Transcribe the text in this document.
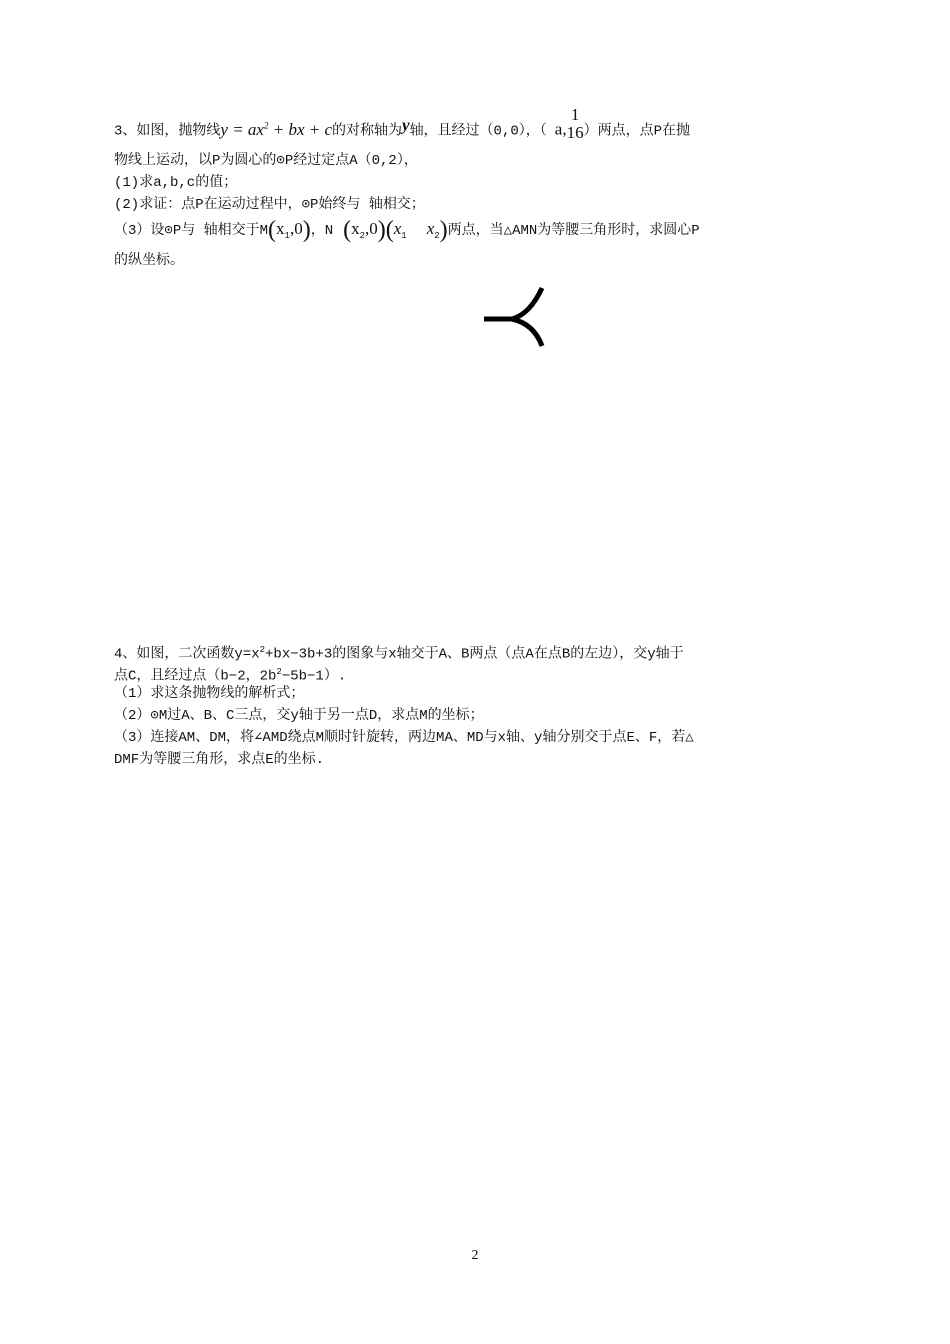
3、如图，抛物线$y = ax^2$ + bx + c的对称轴为y轴，且经过（0,0），（ a,
1
16 ）两点，点P在抛
物线上运动，以P为圆心的⊙P经过定点A（0,2），
(1)求a,b,c的值；
(2)求证：点P在运动过程中，⊙P始终与 轴相交；
（3）设⊙P与 轴相交于$M(x_1,0)$，N $(x_2,0)(x_1$ $x_2$)两点，当△AMN为等腰三角形时，求圆心P
的纵坐标。
4、如图，二次函数$y=x^2+bx-3b+3$的图象与x轴交于A、B两点（点A在点B的左边），交y轴于
点C，且经过点（b−2，$2b^2-5b-1$）.
（1）求这条抛物线的解析式；
（2）⊙M过A、B、C三点，交y轴于另一点D，求点M的坐标；
（3）连接AM、DM，将∠AMD绕点M顺时针旋转，两边MA、MD与x轴、y轴分别交于点E、F，若△
DMF为等腰三角形，求点E的坐标.
2
